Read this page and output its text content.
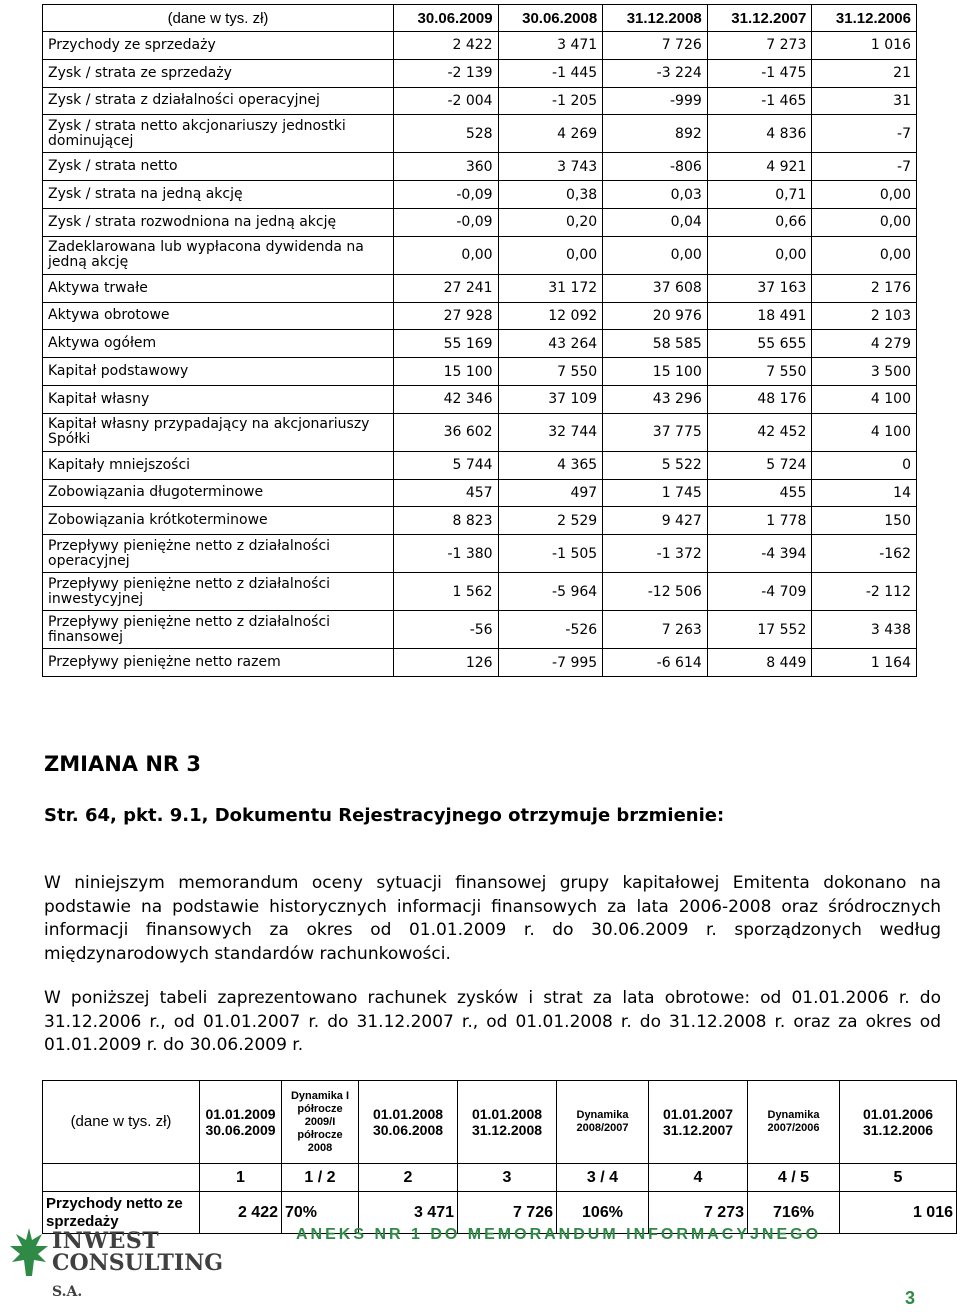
(dane w tys. zł)	30.06.2009	30.06.2008	31.12.2008	31.12.2007	31.12.2006
Przychody ze sprzedaży	2 422	3 471	7 726	7 273	1 016
Zysk / strata ze sprzedaży	-2 139	-1 445	-3 224	-1 475	21
Zysk / strata z działalności operacyjnej	-2 004	-1 205	-999	-1 465	31
Zysk / strata netto akcjonariuszy jednostki dominującej	528	4 269	892	4 836	-7
Zysk / strata netto	360	3 743	-806	4 921	-7
Zysk / strata na jedną akcję	-0,09	0,38	0,03	0,71	0,00
Zysk / strata rozwodniona na jedną akcję	-0,09	0,20	0,04	0,66	0,00
Zadeklarowana lub wypłacona dywidenda na jedną akcję	0,00	0,00	0,00	0,00	0,00
Aktywa trwałe	27 241	31 172	37 608	37 163	2 176
Aktywa obrotowe	27 928	12 092	20 976	18 491	2 103
Aktywa ogółem	55 169	43 264	58 585	55 655	4 279
Kapitał podstawowy	15 100	7 550	15 100	7 550	3 500
Kapitał własny	42 346	37 109	43 296	48 176	4 100
Kapitał własny przypadający na akcjonariuszy Spółki	36 602	32 744	37 775	42 452	4 100
Kapitały mniejszości	5 744	4 365	5 522	5 724	0
Zobowiązania długoterminowe	457	497	1 745	455	14
Zobowiązania krótkoterminowe	8 823	2 529	9 427	1 778	150
Przepływy pieniężne netto z działalności operacyjnej	-1 380	-1 505	-1 372	-4 394	-162
Przepływy pieniężne netto z działalności inwestycyjnej	1 562	-5 964	-12 506	-4 709	-2 112
Przepływy pieniężne netto z działalności finansowej	-56	-526	7 263	17 552	3 438
Przepływy pieniężne netto razem	126	-7 995	-6 614	8 449	1 164
ZMIANA NR 3

Str. 64, pkt. 9.1, Dokumentu Rejestracyjnego otrzymuje brzmienie:

W niniejszym memorandum oceny sytuacji finansowej grupy kapitałowej Emitenta dokonano na podstawie na podstawie historycznych informacji finansowych za lata 2006-2008 oraz śródrocznych informacji finansowych za okres od 01.01.2009 r. do 30.06.2009 r. sporządzonych według międzynarodowych standardów rachunkowości.

W poniższej tabeli zaprezentowano rachunek zysków i strat za lata obrotowe: od 01.01.2006 r. do 31.12.2006 r., od 01.01.2007 r. do 31.12.2007 r., od 01.01.2008 r. do 31.12.2008 r. oraz za okres od 01.01.2009 r. do 30.06.2009 r.

(dane w tys. zł)	01.01.2009 30.06.2009	Dynamika I półrocze 2009/I półrocze 2008	01.01.2008 30.06.2008	01.01.2008 31.12.2008	Dynamika 2008/2007	01.01.2007 31.12.2007	Dynamika 2007/2006	01.01.2006 31.12.2006
	1	1 / 2	2	3	3 / 4	4	4 / 5	5
Przychody netto ze sprzedaży	2 422	70%	3 471	7 726	106%	7 273	716%	1 016
INWEST
CONSULTING S.A.
ANEKS NR 1 DO MEMORANDUM INFORMACYJNEGO
3
